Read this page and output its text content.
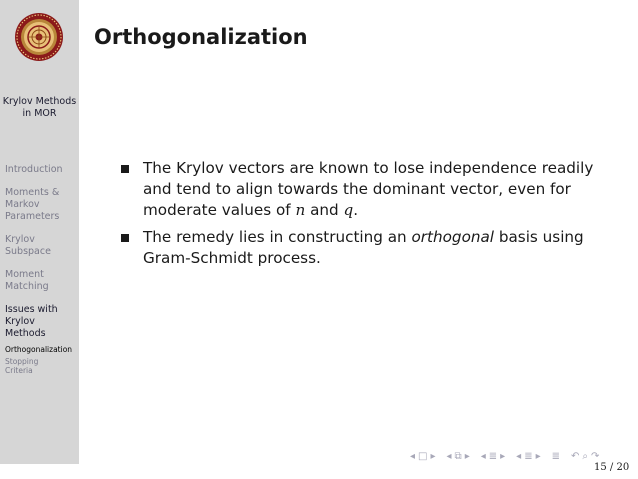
Krylov Methods in MOR
Introduction
Moments & Markov Parameters
Krylov Subspace
Moment Matching
Issues with Krylov Methods
Orthogonalization
Stopping Criteria
Orthogonalization
The Krylov vectors are known to lose independence readily and tend to align towards the dominant vector, even for moderate values of n and q.
The remedy lies in constructing an orthogonal basis using Gram-Schmidt process.
◂ □ ▸ ◂ ⧉ ▸ ◂ ≣ ▸ ◂ ≣ ▸ ≣ ↶ ⌕ ↷
15 / 20
